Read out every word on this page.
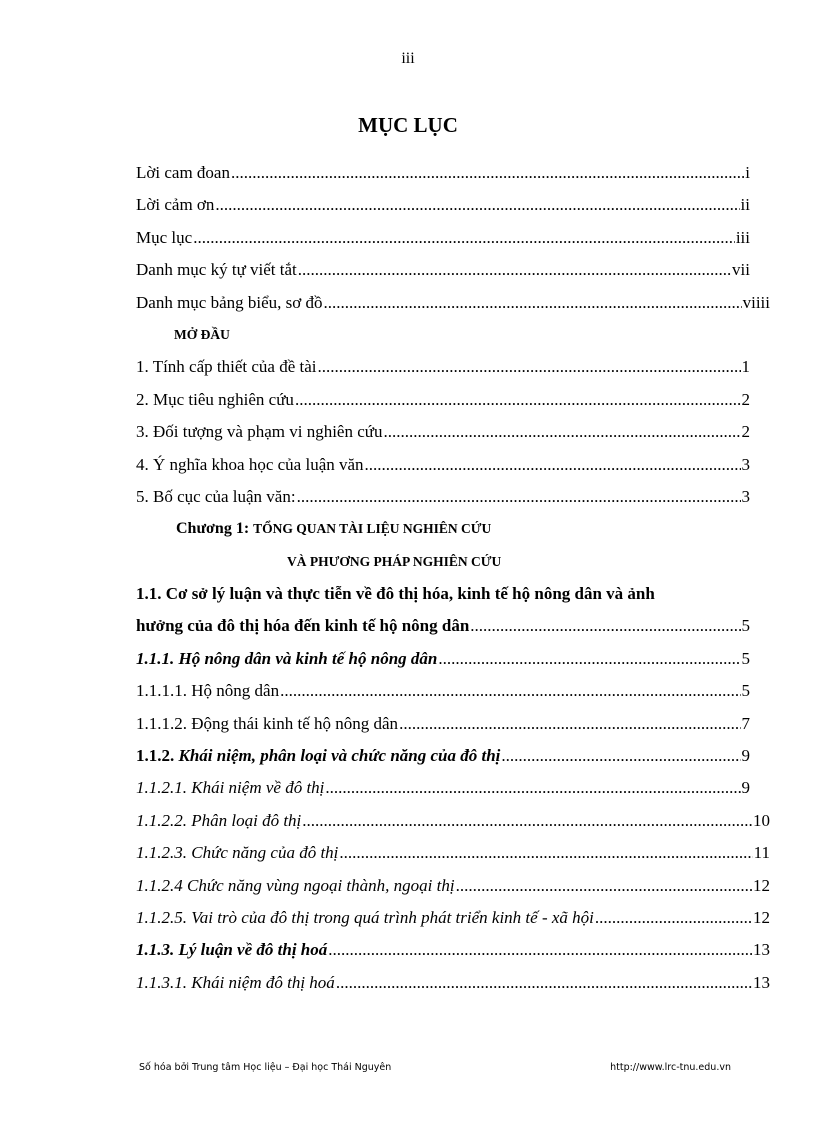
iii
MỤC LỤC
Lời cam đoan .....	i
Lời cảm ơn .....	ii
Mục lục .....	iii
Danh mục ký tự viết tắt .....	vii
Danh mục bảng biểu, sơ đồ .....	viiii
MỞ ĐẦU
1. Tính cấp thiết của đề tài .....	1
2. Mục tiêu nghiên cứu .....	2
3. Đối tượng và phạm vi nghiên cứu .....	2
4. Ý nghĩa khoa học của luận văn .....	3
5. Bố cục của luận văn: .....	3
Chương 1: TỔNG QUAN TÀI LIỆU NGHIÊN CỨU
VÀ PHƯƠNG PHÁP NGHIÊN CỨU
1.1. Cơ sở lý luận và thực tiễn về đô thị hóa, kinh tế hộ nông dân và ảnh
hưởng của đô thị hóa đến kinh tế hộ nông dân .....	5
1.1.1. Hộ nông dân và kinh tế hộ nông dân .....	5
1.1.1.1. Hộ nông dân .....	5
1.1.1.2. Động thái kinh tế hộ nông dân .....	7
1.1.2. Khái niệm, phân loại và chức năng của đô thị .....	9
1.1.2.1. Khái niệm về đô thị .....	9
1.1.2.2. Phân loại đô thị .....	10
1.1.2.3. Chức năng của đô thị .....	11
1.1.2.4 Chức năng vùng ngoại thành, ngoại thị .....	12
1.1.2.5. Vai trò của đô thị trong quá trình phát triển kinh tế - xã hội .....	12
1.1.3. Lý luận về đô thị hoá .....	13
1.1.3.1. Khái niệm đô thị hoá .....	13
Số hóa bởi Trung tâm Học liệu – Đại học Thái Nguyên	http://www.lrc-tnu.edu.vn
